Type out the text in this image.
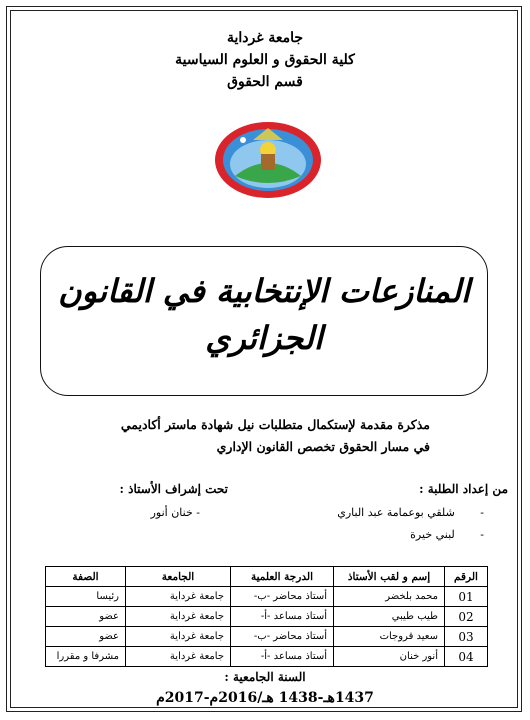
جامعة غرداية
كلية الحقوق و العلوم السياسية
قسم الحقوق
المنازعات الإنتخابية في القانون
الجزائري
مذكرة مقدمة لإستكمال متطلبات نيل شهادة ماستر أكاديمي
في مسار الحقوق تخصص القانون الإداري
من إعداد الطلبة :
تحت إشراف الأستاذ :
- شلقي بوعمامة عبد الباري
- لبني خيرة
- خنان أنور
الرقم	إسم و لقب الأستاذ	الدرجة العلمية	الجامعة	الصفة
01	محمد بلخضر	أستاذ محاضر -ب-	جامعة غرداية	رئيسا
02	طيب طيبي	أستاذ مساعد -أ-	جامعة غرداية	عضو
03	سعيد قروجات	أستاذ محاضر -ب-	جامعة غرداية	عضو
04	أنور خنان	أستاذ مساعد -أ-	جامعة غرداية	مشرفا و مقررا
السنة الجامعية :
1437هـ-1438 هـ/2016م-2017م
